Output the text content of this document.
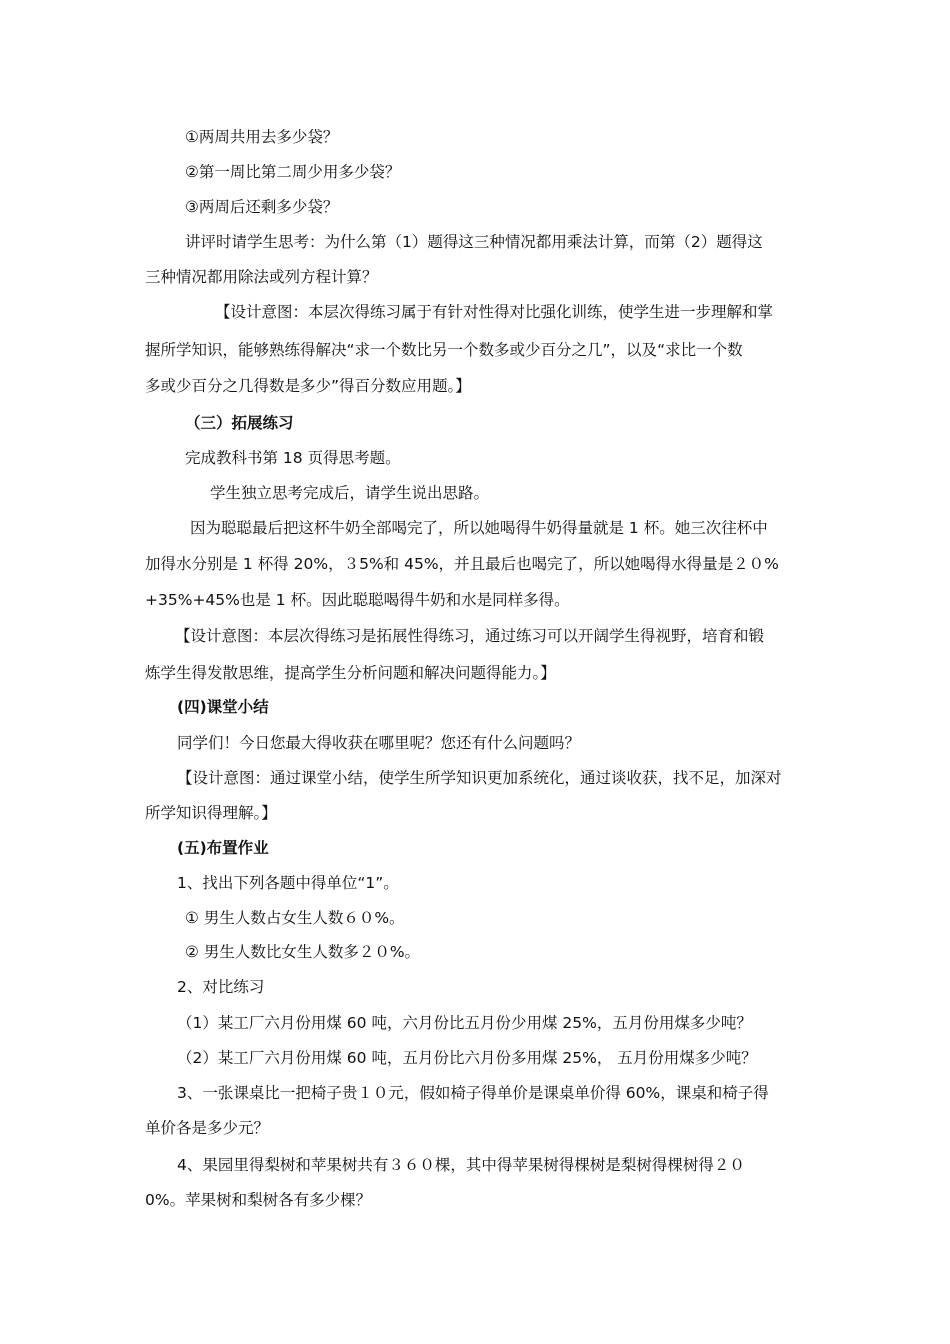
①两周共用去多少袋？

②第一周比第二周少用多少袋？

③两周后还剩多少袋？

讲评时请学生思考：为什么第（1）题得这三种情况都用乘法计算，而第（2）题得这

三种情况都用除法或列方程计算？

【设计意图：本层次得练习属于有针对性得对比强化训练，使学生进一步理解和掌

握所学知识，能够熟练得解决“求一个数比另一个数多或少百分之几”，以及“求比一个数

多或少百分之几得数是多少”得百分数应用题。】

（三）拓展练习

完成教科书第 18 页得思考题。

学生独立思考完成后，请学生说出思路。

因为聪聪最后把这杯牛奶全部喝完了，所以她喝得牛奶得量就是 1 杯。她三次往杯中

加得水分别是 1 杯得 20%，３5%和 45%，并且最后也喝完了，所以她喝得水得量是２０%

+35%+45%也是 1 杯。因此聪聪喝得牛奶和水是同样多得。

【设计意图：本层次得练习是拓展性得练习，通过练习可以开阔学生得视野，培育和锻

炼学生得发散思维，提高学生分析问题和解决问题得能力。】

(四)课堂小结

同学们！今日您最大得收获在哪里呢？您还有什么问题吗？

【设计意图：通过课堂小结，使学生所学知识更加系统化，通过谈收获，找不足，加深对

所学知识得理解。】

(五)布置作业

1、找出下列各题中得单位“1”。

① 男生人数占女生人数６０%。

② 男生人数比女生人数多２０%。

2、对比练习

（1）某工厂六月份用煤 60 吨，六月份比五月份少用煤 25%，五月份用煤多少吨？

（2）某工厂六月份用煤 60 吨，五月份比六月份多用煤 25%， 五月份用煤多少吨？

3、一张课桌比一把椅子贵１０元，假如椅子得单价是课桌单价得 60%，课桌和椅子得

单价各是多少元？

4、果园里得梨树和苹果树共有３６０棵，其中得苹果树得棵树是梨树得棵树得２０

0%。苹果树和梨树各有多少棵？
